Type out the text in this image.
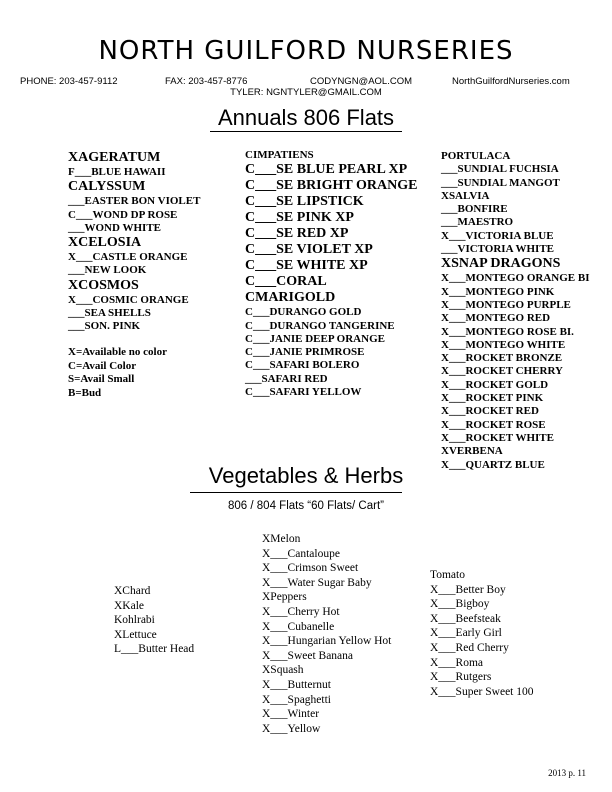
NORTH GUILFORD NURSERIES
PHONE: 203-457-9112	FAX: 203-457-8776	CODYNGN@AOL.COM	NorthGuilfordNurseries.com
TYLER: NGNTYLER@GMAIL.COM
Annuals 806 Flats
XAGERATUM
F___BLUE HAWAII
CALYSSUM
___EASTER BON VIOLET
C___WOND DP ROSE
___WOND WHITE
XCELOSIA
X___CASTLE ORANGE
___NEW LOOK
XCOSMOS
X___COSMIC ORANGE
___SEA SHELLS
___SON. PINK
CIMPATIENS
C___SE BLUE PEARL XP
C___SE BRIGHT ORANGE
C___SE LIPSTICK
C___SE PINK XP
C___SE RED XP
C___SE VIOLET XP
C___SE WHITE XP
C___CORAL
CMARIGOLD
C___DURANGO GOLD
C___DURANGO TANGERINE
C___JANIE DEEP ORANGE
C___JANIE PRIMROSE
C___SAFARI BOLERO
___SAFARI RED
C___SAFARI YELLOW
PORTULACA
___SUNDIAL FUCHSIA
___SUNDIAL MANGOT
XSALVIA
___BONFIRE
___MAESTRO
X___VICTORIA BLUE
___VICTORIA WHITE
XSNAP DRAGONS
X___MONTEGO ORANGE BI
X___MONTEGO PINK
X___MONTEGO PURPLE
X___MONTEGO RED
X___MONTEGO ROSE BI.
X___MONTEGO WHITE
X___ROCKET BRONZE
X___ROCKET CHERRY
X___ROCKET GOLD
X___ROCKET PINK
X___ROCKET RED
X___ROCKET ROSE
X___ROCKET WHITE
XVERBENA
X___QUARTZ BLUE
X=Available no color
C=Avail Color
S=Avail Small
B=Bud
Vegetables & Herbs
806 / 804 Flats “60 Flats/ Cart”
XChard
XKale
Kohlrabi
XLettuce
L___Butter Head
XMelon
X___Cantaloupe
X___Crimson Sweet
X___Water Sugar Baby
XPeppers
X___Cherry Hot
X___Cubanelle
X___Hungarian Yellow Hot
X___Sweet Banana
XSquash
X___Butternut
X___Spaghetti
X___Winter
X___Yellow
Tomato
X___Better Boy
X___Bigboy
X___Beefsteak
X___Early Girl
X___Red Cherry
X___Roma
X___Rutgers
X___Super Sweet 100
2013 p. 11
